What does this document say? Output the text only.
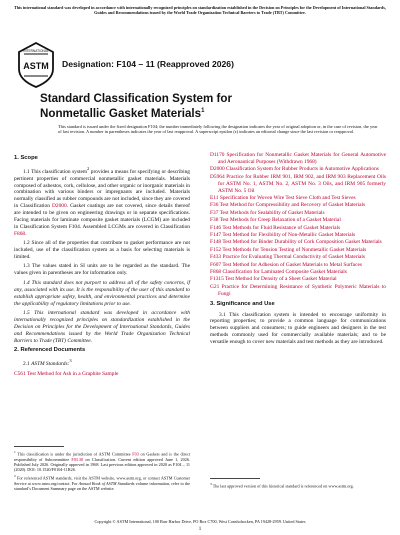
This international standard was developed in accordance with internationally recognized principles on standardization established in the Decision on Principles for the Development of International Standards, Guides and Recommendations issued by the World Trade Organization Technical Barriers to Trade (TBT) Committee.
ASTM
INTERNATIONAL
Designation: F104 – 11 (Reapproved 2026)
Standard Classification System for
Nonmetallic Gasket Materials$^1$
This standard is issued under the fixed designation F104; the number immediately following the designation indicates the year of original adoption or, in the case of revision, the year of last revision. A number in parentheses indicates the year of last reapproval. A superscript epsilon (ε) indicates an editorial change since the last revision or reapproval.
1. Scope

1.1 This classification system$^2$ provides a means for specifying or describing pertinent properties of commercial nonmetallic gasket materials. Materials composed of asbestos, cork, cellulose, and other organic or inorganic materials in combination with various binders or impregnants are included. Materials normally classified as rubber compounds are not included, since they are covered in Classification D2000. Gasket coatings are not covered, since details thereof are intended to be given on engineering drawings or in separate specifications. Facing materials for laminate composite gasket materials (LCGM) are included in Classification System F104. Assembled LCGMs are covered in Classification F868.

1.2 Since all of the properties that contribute to gasket performance are not included, use of the classification system as a basis for selecting materials is limited.

1.3 The values stated in SI units are to be regarded as the standard. The values given in parentheses are for information only.

1.4 This standard does not purport to address all of the safety concerns, if any, associated with its use. It is the responsibility of the user of this standard to establish appropriate safety, health, and environmental practices and determine the applicability of regulatory limitations prior to use.

1.5 This international standard was developed in accordance with internationally recognized principles on standardization established in the Decision on Principles for the Development of International Standards, Guides and Recommendations issued by the World Trade Organization Technical Barriers to Trade (TBT) Committee.

2. Referenced Documents

2.1 ASTM Standards:$^3$

C561 Test Method for Ash in a Graphite Sample

$^1$ This classification is under the jurisdiction of ASTM Committee F03 on Gaskets and is the direct responsibility of Subcommittee F03.30 on Classification. Current edition approved June 1, 2026. Published July 2026. Originally approved in 1968. Last previous edition approved in 2020 as F104 – 11 (2020). DOI: 10.1520/F0104-11R26.

$^2$ For referenced ASTM standards, visit the ASTM website, www.astm.org, or contact ASTM Customer Service at www.astm.org/contact. For Annual Book of ASTM Standards volume information, refer to the standard’s Document Summary page on the ASTM website.

D1170 Specification for Nonmetallic Gasket Materials for General Automotive and Aeronautical Purposes (Withdrawn 1968)
D2000 Classification System for Rubber Products in Automotive Applications
D5964 Practice for Rubber IRM 901, IRM 902, and IRM 903 Replacement Oils for ASTM No. 1, ASTM No. 2, ASTM No. 3 Oils, and IRM 905 formerly ASTM No. 5 Oil
E11 Specification for Woven Wire Test Sieve Cloth and Test Sieves
F36 Test Method for Compressibility and Recovery of Gasket Materials
F37 Test Methods for Sealability of Gasket Materials
F38 Test Methods for Creep Relaxation of a Gasket Material
F146 Test Methods for Fluid Resistance of Gasket Materials
F147 Test Method for Flexibility of Non-Metallic Gasket Materials
F148 Test Method for Binder Durability of Cork Composition Gasket Materials
F152 Test Methods for Tension Testing of Nonmetallic Gasket Materials
F433 Practice for Evaluating Thermal Conductivity of Gasket Materials
F607 Test Method for Adhesion of Gasket Materials to Metal Surfaces
F868 Classification for Laminated Composite Gasket Materials
F1315 Test Method for Density of a Sheet Gasket Material
G21 Practice for Determining Resistance of Synthetic Polymeric Materials to Fungi
3. Significance and Use

3.1 This classification system is intended to encourage uniformity in reporting properties; to provide a common language for communications between suppliers and consumers; to guide engineers and designers in the test methods commonly used for commercially available materials; and to be versatile enough to cover new materials and test methods as they are introduced.

$^3$ The last approved version of this historical standard is referenced on www.astm.org.

Copyright © ASTM International, 100 Barr Harbor Drive, PO Box C700, West Conshohocken, PA 19428-2959. United States
1
